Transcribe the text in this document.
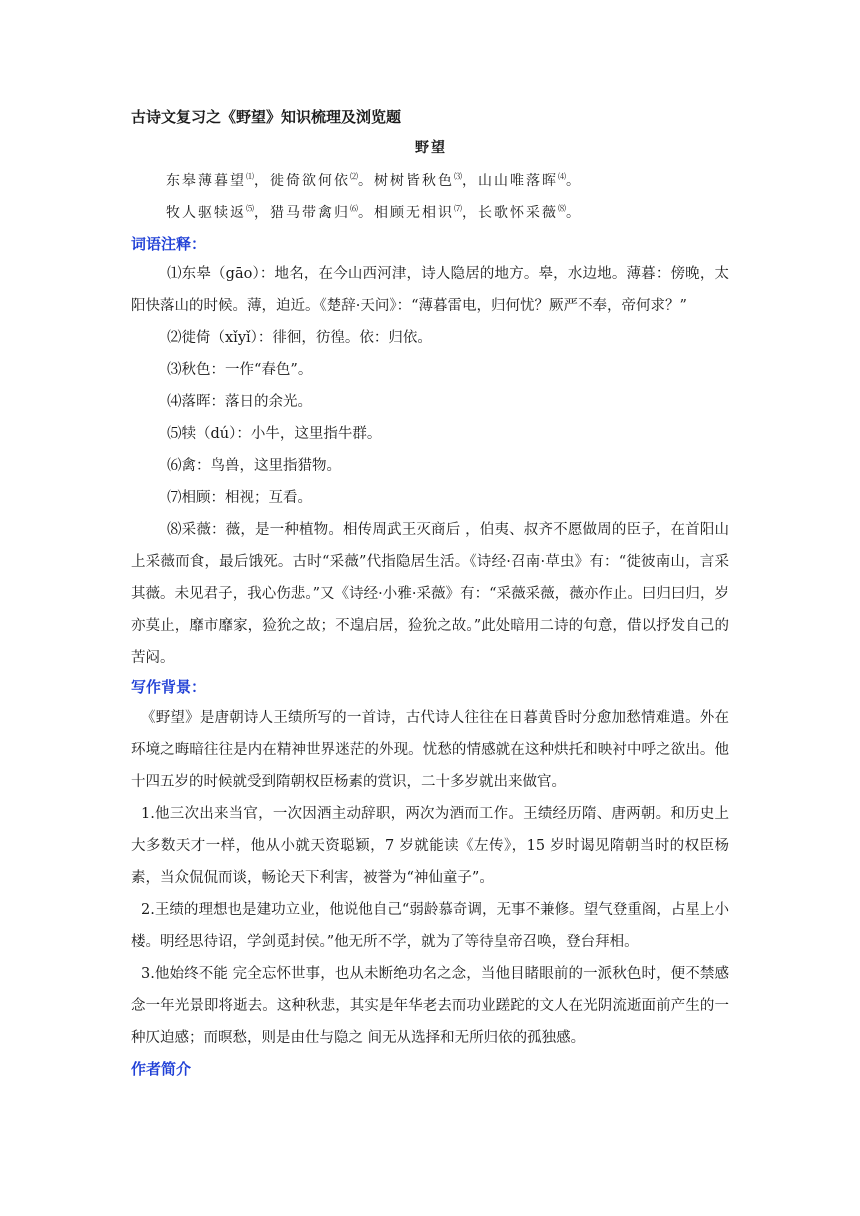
古诗文复习之《野望》知识梳理及浏览题
野望
东皋薄暮望⑴，徙倚欲何依⑵。树树皆秋色⑶，山山唯落晖⑷。
牧人驱犊返⑸，猎马带禽归⑹。相顾无相识⑺，长歌怀采薇⑻。
词语注释：
⑴东皋（gāo）：地名，在今山西河津，诗人隐居的地方。皋，水边地。薄暮：傍晚，太阳快落山的时候。薄，迫近。《楚辞·天问》：“薄暮雷电，归何忧？厥严不奉，帝何求？”
⑵徙倚（xǐyǐ）：徘徊，彷徨。依：归依。
⑶秋色：一作“春色”。
⑷落晖：落日的余光。
⑸犊（dú）：小牛，这里指牛群。
⑹禽：鸟兽，这里指猎物。
⑺相顾：相视；互看。
⑻采薇：薇，是一种植物。相传周武王灭商后 ，伯夷、叔齐不愿做周的臣子，在首阳山上采薇而食，最后饿死。古时“采薇”代指隐居生活。《诗经·召南·草虫》有：“徙彼南山，言采其薇。未见君子，我心伤悲。”又《诗经·小雅·采薇》有：“采薇采薇，薇亦作止。曰归曰归，岁亦莫止，靡市靡家，猃狁之故；不遑启居，猃狁之故。”此处暗用二诗的句意，借以抒发自己的苦闷。
写作背景：
《野望》是唐朝诗人王绩所写的一首诗，古代诗人往往在日暮黄昏时分愈加愁情难遣。外在环境之晦暗往往是内在精神世界迷茫的外现。忧愁的情感就在这种烘托和映衬中呼之欲出。他十四五岁的时候就受到隋朝权臣杨素的赏识，二十多岁就出来做官。
1.他三次出来当官，一次因酒主动辞职，两次为酒而工作。王绩经历隋、唐两朝。和历史上大多数天才一样，他从小就天资聪颖，7 岁就能读《左传》，15 岁时谒见隋朝当时的权臣杨素，当众侃侃而谈，畅论天下利害，被誉为“神仙童子”。
2.王绩的理想也是建功立业，他说他自己“弱龄慕奇调，无事不兼修。望气登重阁，占星上小楼。明经思待诏，学剑觅封侯。”他无所不学，就为了等待皇帝召唤，登台拜相。
3.他始终不能 完全忘怀世事，也从未断绝功名之念，当他目睹眼前的一派秋色时，便不禁感念一年光景即将逝去。这种秋悲，其实是年华老去而功业蹉跎的文人在光阴流逝面前产生的一种仄迫感；而暝愁，则是由仕与隐之 间无从选择和无所归依的孤独感。
作者简介
